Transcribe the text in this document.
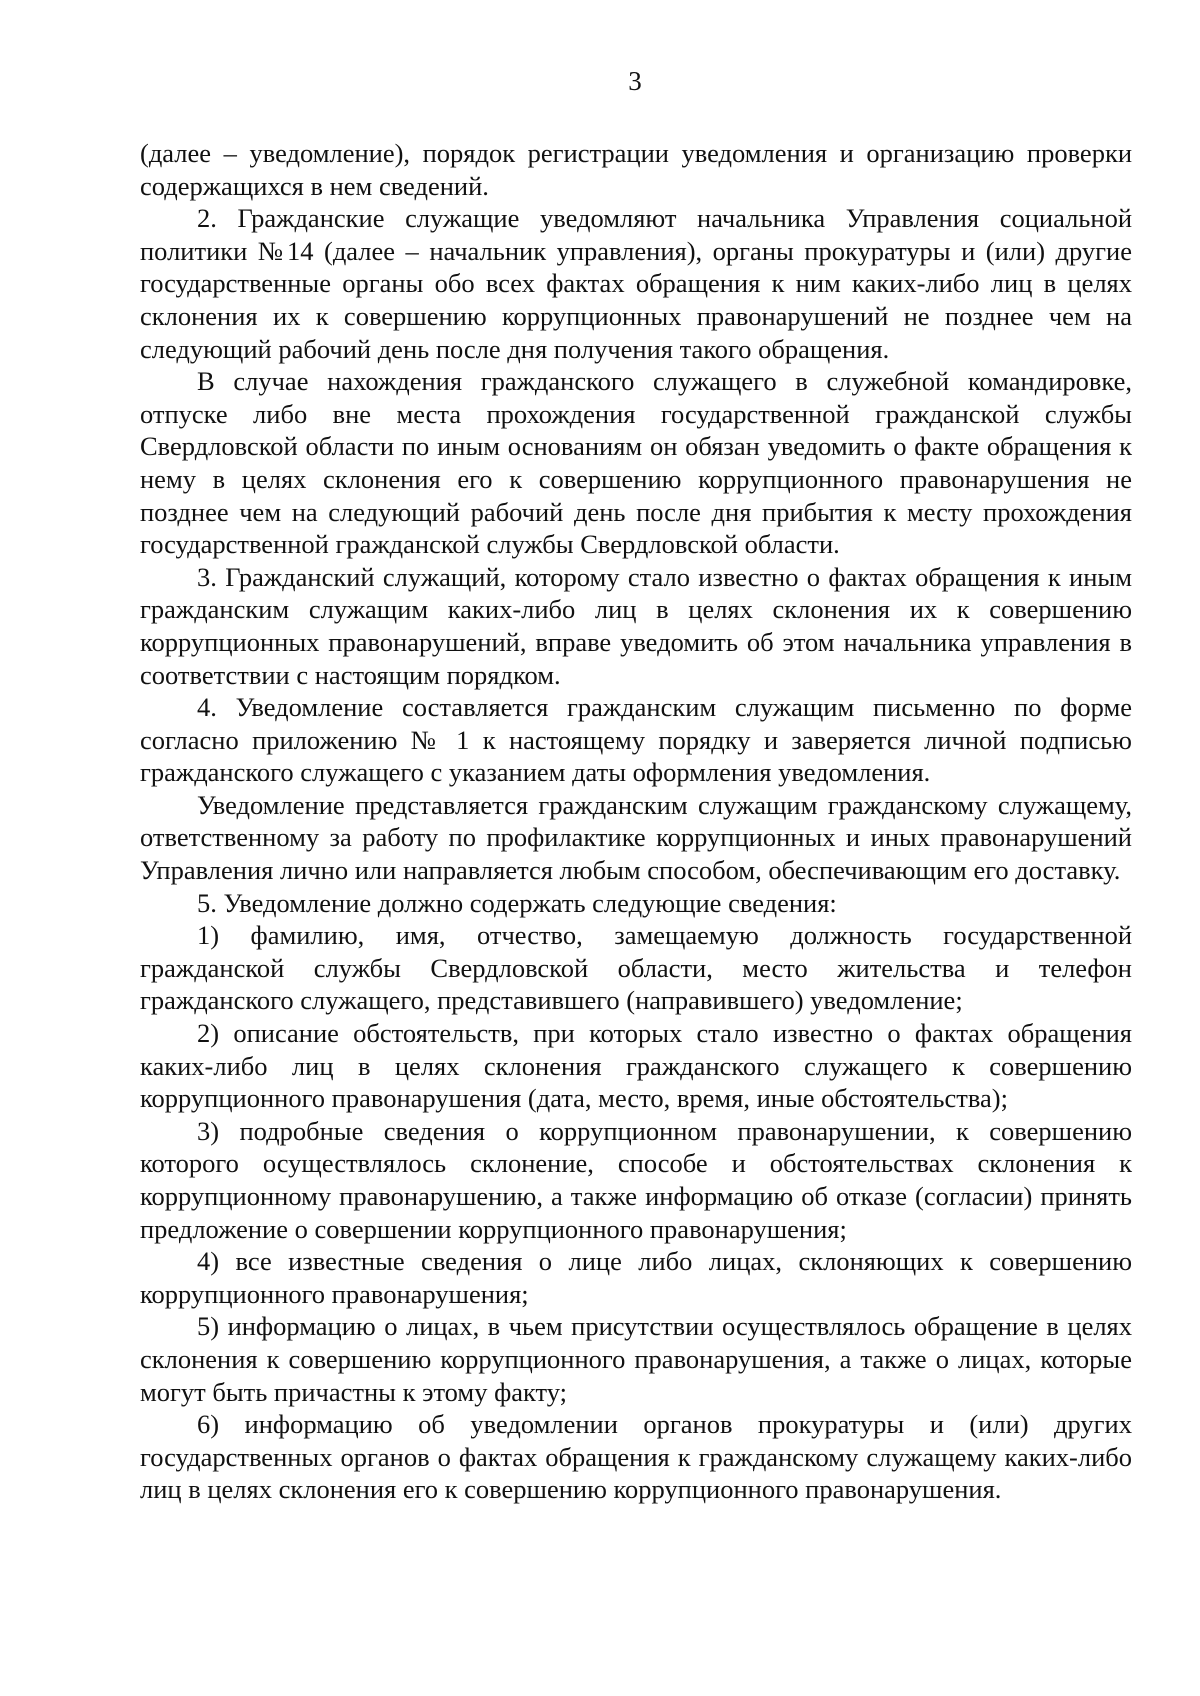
3

(далее – уведомление), порядок регистрации уведомления и организацию проверки содержащихся в нем сведений.

2. Гражданские служащие уведомляют начальника Управления социальной политики №14 (далее – начальник управления), органы прокуратуры и (или) другие государственные органы обо всех фактах обращения к ним каких-либо лиц в целях склонения их к совершению коррупционных правонарушений не позднее чем на следующий рабочий день после дня получения такого обращения.

В случае нахождения гражданского служащего в служебной командировке, отпуске либо вне места прохождения государственной гражданской службы Свердловской области по иным основаниям он обязан уведомить о факте обращения к нему в целях склонения его к совершению коррупционного правонарушения не позднее чем на следующий рабочий день после дня прибытия к месту прохождения государственной гражданской службы Свердловской области.

3. Гражданский служащий, которому стало известно о фактах обращения к иным гражданским служащим каких-либо лиц в целях склонения их к совершению коррупционных правонарушений, вправе уведомить об этом начальника управления в соответствии с настоящим порядком.

4. Уведомление составляется гражданским служащим письменно по форме согласно приложению № 1 к настоящему порядку и заверяется личной подписью гражданского служащего с указанием даты оформления уведомления.

Уведомление представляется гражданским служащим гражданскому служащему, ответственному за работу по профилактике коррупционных и иных правонарушений Управления лично или направляется любым способом, обеспечивающим его доставку.

5. Уведомление должно содержать следующие сведения:

1) фамилию, имя, отчество, замещаемую должность государственной гражданской службы Свердловской области, место жительства и телефон гражданского служащего, представившего (направившего) уведомление;

2) описание обстоятельств, при которых стало известно о фактах обращения каких-либо лиц в целях склонения гражданского служащего к совершению коррупционного правонарушения (дата, место, время, иные обстоятельства);

3) подробные сведения о коррупционном правонарушении, к совершению которого осуществлялось склонение, способе и обстоятельствах склонения к коррупционному правонарушению, а также информацию об отказе (согласии) принять предложение о совершении коррупционного правонарушения;

4) все известные сведения о лице либо лицах, склоняющих к совершению коррупционного правонарушения;

5) информацию о лицах, в чьем присутствии осуществлялось обращение в целях склонения к совершению коррупционного правонарушения, а также о лицах, которые могут быть причастны к этому факту;

6) информацию об уведомлении органов прокуратуры и (или) других государственных органов о фактах обращения к гражданскому служащему каких-либо лиц в целях склонения его к совершению коррупционного правонарушения.
